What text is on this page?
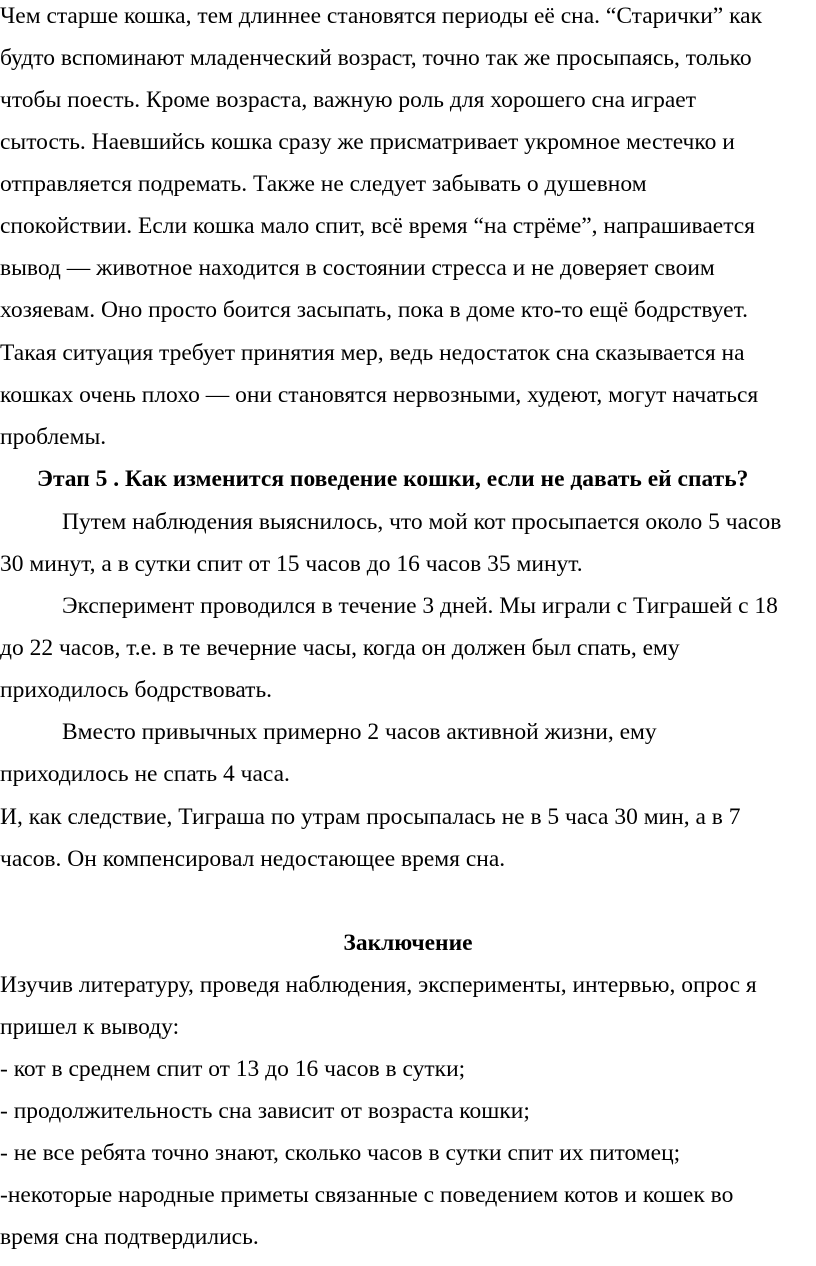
Чем старше кошка, тем длиннее становятся периоды её сна. “Старички” как
будто вспоминают младенческий возраст, точно так же просыпаясь, только
чтобы поесть. Кроме возраста, важную роль для хорошего сна играет
сытость. Наевшийсь кошка сразу же присматривает укромное местечко и
отправляется подремать. Также не следует забывать о душевном
спокойствии. Если кошка мало спит, всё время “на стрёме”, напрашивается
вывод — животное находится в состоянии стресса и не доверяет своим
хозяевам. Оно просто боится засыпать, пока в доме кто-то ещё бодрствует.
Такая ситуация требует принятия мер, ведь недостаток сна сказывается на
кошках очень плохо — они становятся нервозными, худеют, могут начаться
проблемы.
Этап 5 . Как изменится поведение кошки, если не давать ей спать?
Путем наблюдения выяснилось, что мой кот просыпается около 5 часов
30 минут, а в сутки спит от 15 часов до 16 часов 35 минут.
Эксперимент проводился в течение 3 дней. Мы играли с Тиграшей с 18
до 22 часов, т.е. в те вечерние часы, когда он должен был спать, ему
приходилось бодрствовать.
Вместо привычных примерно 2 часов активной жизни, ему
приходилось не спать 4 часа.
И, как следствие, Тиграша по утрам просыпалась не в 5 часа 30 мин, а в 7
часов. Он компенсировал недостающее время сна.
Заключение
Изучив литературу, проведя наблюдения, эксперименты, интервью, опрос я
пришел к выводу:
- кот в среднем спит от 13 до 16 часов в сутки;
- продолжительность сна зависит от возраста кошки;
- не все ребята точно знают, сколько часов в сутки спит их питомец;
-некоторые народные приметы связанные с поведением котов и кошек во
время сна подтвердились.
